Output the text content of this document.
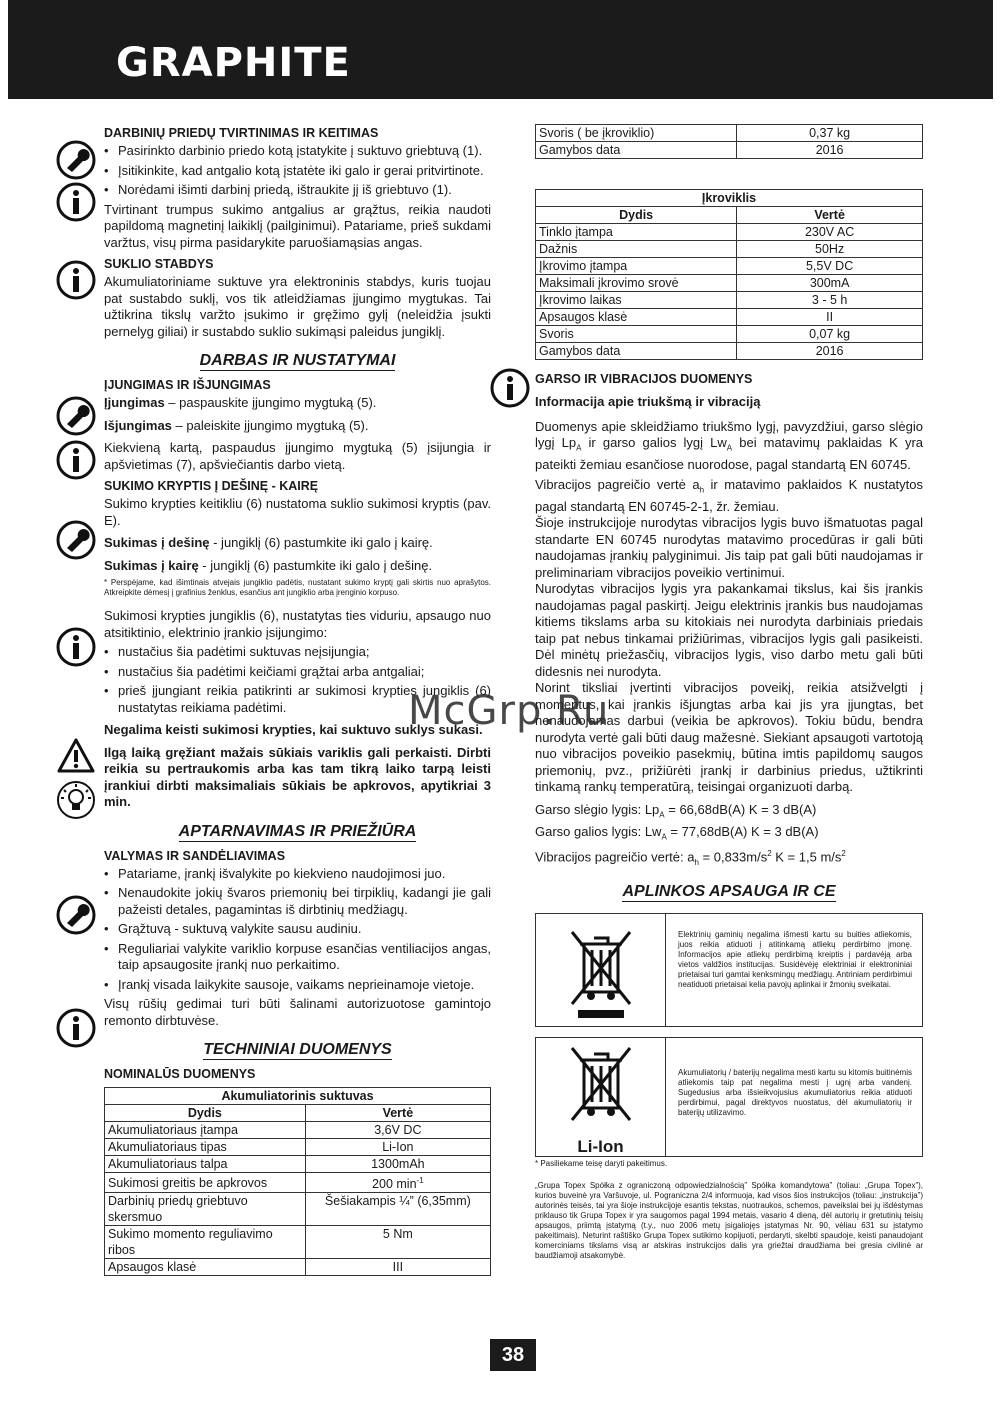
GRAPHITE
McGrp.Ru
DARBINIŲ PRIEDŲ TVIRTINIMAS IR KEITIMAS
• Pasirinkto darbinio priedo kotą įstatykite į suktuvo griebtuvą (1).
• Įsitikinkite, kad antgalio kotą įstatėte iki galo ir gerai pritvirtinote.
• Norėdami išimti darbinį priedą, ištraukite jį iš griebtuvo (1).

Tvirtinant trumpus sukimo antgalius ar grąžtus, reikia naudoti papildomą magnetinį laikiklį (pailginimui). Patariame, prieš sukdami varžtus, visų pirma pasidarykite paruošiamąsias angas.

SUKLIO STABDYS

Akumuliatoriniame suktuve yra elektroninis stabdys, kuris tuojau pat sustabdo suklį, vos tik atleidžiamas įjungimo mygtukas. Tai užtikrina tikslų varžto įsukimo ir gręžimo gylį (neleidžia įsukti pernelyg giliai) ir sustabdo suklio sukimąsi paleidus jungiklį.

DARBAS IR NUSTATYMAI
ĮJUNGIMAS IR IŠJUNGIMAS

Įjungimas – paspauskite įjungimo mygtuką (5).

Išjungimas – paleiskite įjungimo mygtuką (5).

Kiekvieną kartą, paspaudus įjungimo mygtuką (5) įsijungia ir apšvietimas (7), apšviečiantis darbo vietą.

SUKIMO KRYPTIS Į DEŠINĘ - KAIRĘ

Sukimo krypties keitikliu (6) nustatoma suklio sukimosi kryptis (pav. E).

Sukimas į dešinę - jungiklį (6) pastumkite iki galo į kairę.

Sukimas į kairę - jungiklį (6) pastumkite iki galo į dešinę.

* Perspėjame, kad išimtinais atvejais jungiklio padėtis, nustatant sukimo kryptį gali skirtis nuo aprašytos. Atkreipkite dėmesį į grafinius ženklus, esančius ant jungiklio arba įrenginio korpuso.

Sukimosi krypties jungiklis (6), nustatytas ties viduriu, apsaugo nuo atsitiktinio, elektrinio įrankio įsijungimo:

• nustačius šia padėtimi suktuvas neįsijungia;
• nustačius šia padėtimi keičiami grąžtai arba antgaliai;
• prieš įjungiant reikia patikrinti ar sukimosi krypties jungiklis (6) nustatytas reikiama padėtimi.

Negalima keisti sukimosi krypties, kai suktuvo suklys sukasi.

Ilgą laiką gręžiant mažais sūkiais variklis gali perkaisti. Dirbti reikia su pertraukomis arba kas tam tikrą laiko tarpą leisti įrankiui dirbti maksimaliais sūkiais be apkrovos, apytikriai 3 min.

APTARNAVIMAS IR PRIEŽIŪRA
VALYMAS IR SANDĖLIAVIMAS
• Patariame, įrankį išvalykite po kiekvieno naudojimosi juo.
• Nenaudokite jokių švaros priemonių bei tirpiklių, kadangi jie gali pažeisti detales, pagamintas iš dirbtinių medžiagų.
• Grąžtuvą - suktuvą valykite sausu audiniu.
• Reguliariai valykite variklio korpuse esančias ventiliacijos angas, taip apsaugosite įrankį nuo perkaitimo.
• Įrankį visada laikykite sausoje, vaikams neprieinamoje vietoje.

Visų rūšių gedimai turi būti šalinami autorizuotose gamintojo remonto dirbtuvėse.

TECHNINIAI DUOMENYS
NOMINALŪS DUOMENYS
Akumuliatorinis suktuvas	
Dydis	Vertė
Akumuliatoriaus įtampa	3,6V DC
Akumuliatoriaus tipas	Li-Ion
Akumuliatoriaus talpa	1300mAh
Sukimosi greitis be apkrovos	200 $\min^{-1}$
Darbinių priedų griebtuvo skersmuo	Šešiakampis ¼” (6,35mm)
Sukimo momento reguliavimo ribos	5 Nm
Apsaugos klasė	III
Svoris ( be įkroviklio)	0,37 kg
Gamybos data	2016
Įkroviklis	
Dydis	Vertė
Tinklo įtampa	230V AC
Dažnis	50Hz
Įkrovimo įtampa	5,5V DC
Maksimali įkrovimo srovė	300mA
Įkrovimo laikas	3 - 5 h
Apsaugos klasė	II
Svoris	0,07 kg
Gamybos data	2016
GARSO IR VIBRACIJOS DUOMENYS

Informacija apie triukšmą ir vibraciją

Duomenys apie skleidžiamo triukšmo lygį, pavyzdžiui, garso slėgio lygį $Lp_A$ ir garso galios lygį $Lw_A$ bei matavimų paklaidas K yra pateikti žemiau esančiose nuorodose, pagal standartą EN 60745.

Vibracijos pagreičio vertė $a_h$ ir matavimo paklaidos K nustatytos pagal standartą EN 60745-2-1, žr. žemiau.

Šioje instrukcijoje nurodytas vibracijos lygis buvo išmatuotas pagal standarte EN 60745 nurodytas matavimo procedūras ir gali būti naudojamas įrankių palyginimui. Jis taip pat gali būti naudojamas ir preliminariam vibracijos poveikio vertinimui.

Nurodytas vibracijos lygis yra pakankamai tikslus, kai šis įrankis naudojamas pagal paskirtį. Jeigu elektrinis įrankis bus naudojamas kitiems tikslams arba su kitokiais nei nurodyta darbiniais priedais taip pat nebus tinkamai prižiūrimas, vibracijos lygis gali pasikeisti. Dėl minėtų priežasčių, vibracijos lygis, viso darbo metu gali būti didesnis nei nurodyta.

Norint tiksliai įvertinti vibracijos poveikį, reikia atsižvelgti į momentus, kai įrankis išjungtas arba kai jis yra įjungtas, bet nenaudojamas darbui (veikia be apkrovos). Tokiu būdu, bendra nurodyta vertė gali būti daug mažesnė. Siekiant apsaugoti vartotoją nuo vibracijos poveikio pasekmių, būtina imtis papildomų saugos priemonių, pvz., prižiūrėti įrankį ir darbinius priedus, užtikrinti tinkamą rankų temperatūrą, teisingai organizuoti darbą.

Garso slėgio lygis: $Lp_A = 66,68dB(A) K = 3$ dB(A)

Garso galios lygis: $Lw_A = 77,68dB(A) K = 3$ dB(A)

Vibracijos pagreičio vertė: $a_h = 0,833m/s^2$ K = 1,5 $m/s^2$

APLINKOS APSAUGA IR CE
Elektrinių gaminių negalima išmesti kartu su buities atliekomis, juos reikia atiduoti į atitinkamą atliekų perdirbimo įmonę. Informacijos apie atliekų perdirbimą kreiptis į pardavėją arba vietos valdžios institucijas. Susidėvėję elektriniai ir elektroniniai prietaisai turi gamtai kenksmingų medžiagų. Antriniam perdirbimui neatiduoti prietaisai kelia pavojų aplinkai ir žmonių sveikatai.
Li-Ion
Akumuliatorių / baterijų negalima mesti kartu su kitomis buitinėmis atliekomis taip pat negalima mesti į ugnį arba vandenį. Sugedusius arba išsieikvojusius akumuliatorius reikia atiduoti perdirbimui, pagal direktyvos nuostatus, dėl akumuliatorių ir baterijų utilizavimo.

* Pasiliekame teisę daryti pakeitimus.

„Grupa Topex Spółka z ograniczoną odpowiedzialnością” Spółka komandytowa” (toliau: „Grupa Topex”), kurios buveinė yra Varšuvoje, ul. Pograniczna 2/4 informuoja, kad visos šios instrukcijos (toliau: „instrukcija”) autorinės teisės, tai yra šioje instrukcijoje esantis tekstas, nuotraukos, schemos, paveikslai bei jų išdėstymas priklauso tik Grupa Topex ir yra saugomos pagal 1994 metais, vasario 4 dieną, dėl autorių ir gretutinių teisių apsaugos, priimtą įstatymą (t.y., nuo 2006 metų įsigaliojęs įstatymas Nr. 90, vėliau 631 su įstatymo pakeitimais). Neturint raštiško Grupa Topex sutikimo kopijuoti, perdaryti, skelbti spaudoje, keisti panaudojant komerciniams tikslams visą ar atskiras instrukcijos dalis yra griežtai draudžiama bei gresia civilinė ar baudžiamoji atsakomybė.

38
